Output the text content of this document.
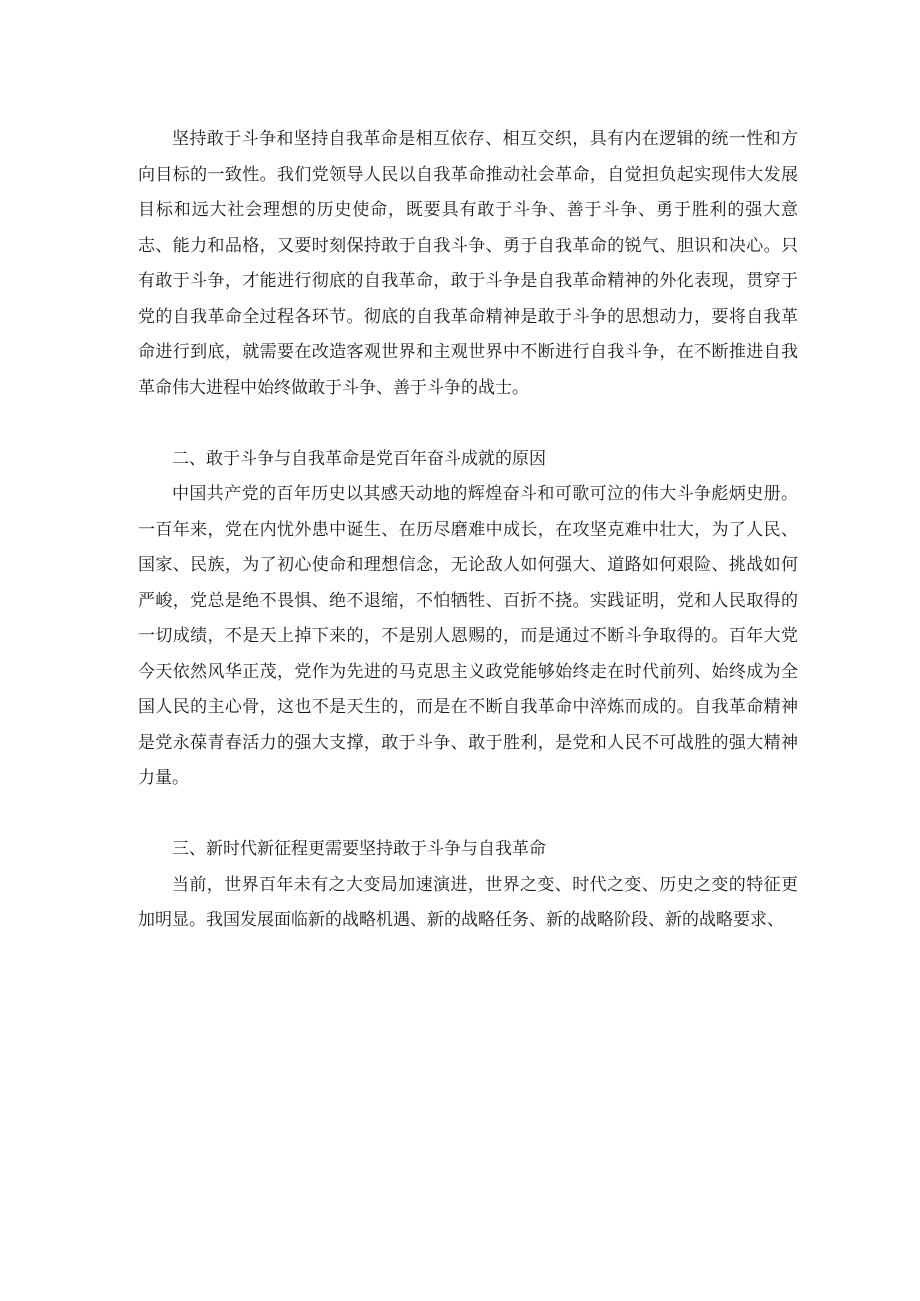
坚持敢于斗争和坚持自我革命是相互依存、相互交织，具有内在逻辑的统一性和方向目标的一致性。我们党领导人民以自我革命推动社会革命，自觉担负起实现伟大发展目标和远大社会理想的历史使命，既要具有敢于斗争、善于斗争、勇于胜利的强大意志、能力和品格，又要时刻保持敢于自我斗争、勇于自我革命的锐气、胆识和决心。只有敢于斗争，才能进行彻底的自我革命，敢于斗争是自我革命精神的外化表现，贯穿于党的自我革命全过程各环节。彻底的自我革命精神是敢于斗争的思想动力，要将自我革命进行到底，就需要在改造客观世界和主观世界中不断进行自我斗争，在不断推进自我革命伟大进程中始终做敢于斗争、善于斗争的战士。

二、敢于斗争与自我革命是党百年奋斗成就的原因

中国共产党的百年历史以其感天动地的辉煌奋斗和可歌可泣的伟大斗争彪炳史册。一百年来，党在内忧外患中诞生、在历尽磨难中成长，在攻坚克难中壮大，为了人民、国家、民族，为了初心使命和理想信念，无论敌人如何强大、道路如何艰险、挑战如何严峻，党总是绝不畏惧、绝不退缩，不怕牺牲、百折不挠。实践证明，党和人民取得的一切成绩，不是天上掉下来的，不是别人恩赐的，而是通过不断斗争取得的。百年大党今天依然风华正茂，党作为先进的马克思主义政党能够始终走在时代前列、始终成为全国人民的主心骨，这也不是天生的，而是在不断自我革命中淬炼而成的。自我革命精神是党永葆青春活力的强大支撑，敢于斗争、敢于胜利，是党和人民不可战胜的强大精神力量。

三、新时代新征程更需要坚持敢于斗争与自我革命

当前，世界百年未有之大变局加速演进，世界之变、时代之变、历史之变的特征更加明显。我国发展面临新的战略机遇、新的战略任务、新的战略阶段、新的战略要求、
